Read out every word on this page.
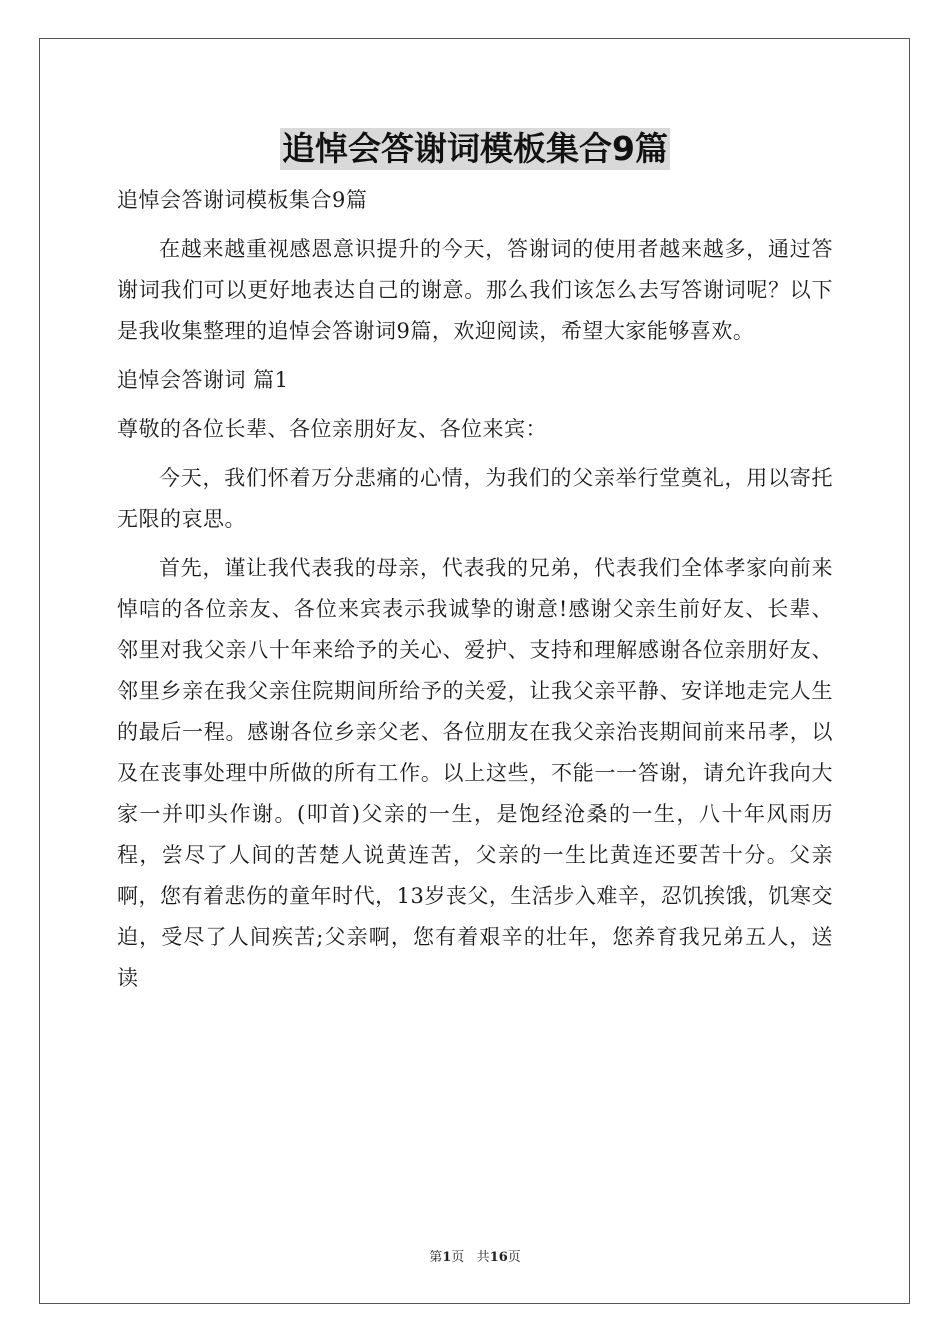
追悼会答谢词模板集合9篇

追悼会答谢词模板集合9篇

在越来越重视感恩意识提升的今天，答谢词的使用者越来越多，通过答谢词我们可以更好地表达自己的谢意。那么我们该怎么去写答谢词呢？以下是我收集整理的追悼会答谢词9篇，欢迎阅读，希望大家能够喜欢。

追悼会答谢词 篇1

尊敬的各位长辈、各位亲朋好友、各位来宾：

今天，我们怀着万分悲痛的心情，为我们的父亲举行堂奠礼，用以寄托无限的哀思。

首先，谨让我代表我的母亲，代表我的兄弟，代表我们全体孝家向前来悼唁的各位亲友、各位来宾表示我诚挚的谢意!感谢父亲生前好友、长辈、邻里对我父亲八十年来给予的关心、爱护、支持和理解感谢各位亲朋好友、邻里乡亲在我父亲住院期间所给予的关爱，让我父亲平静、安详地走完人生的最后一程。感谢各位乡亲父老、各位朋友在我父亲治丧期间前来吊孝，以及在丧事处理中所做的所有工作。以上这些，不能一一答谢，请允许我向大家一并叩头作谢。(叩首)父亲的一生，是饱经沧桑的一生，八十年风雨历程，尝尽了人间的苦楚人说黄连苦，父亲的一生比黄连还要苦十分。父亲啊，您有着悲伤的童年时代，13岁丧父，生活步入难辛，忍饥挨饿，饥寒交迫，受尽了人间疾苦;父亲啊，您有着艰辛的壮年，您养育我兄弟五人，送读

第1页 共16页
